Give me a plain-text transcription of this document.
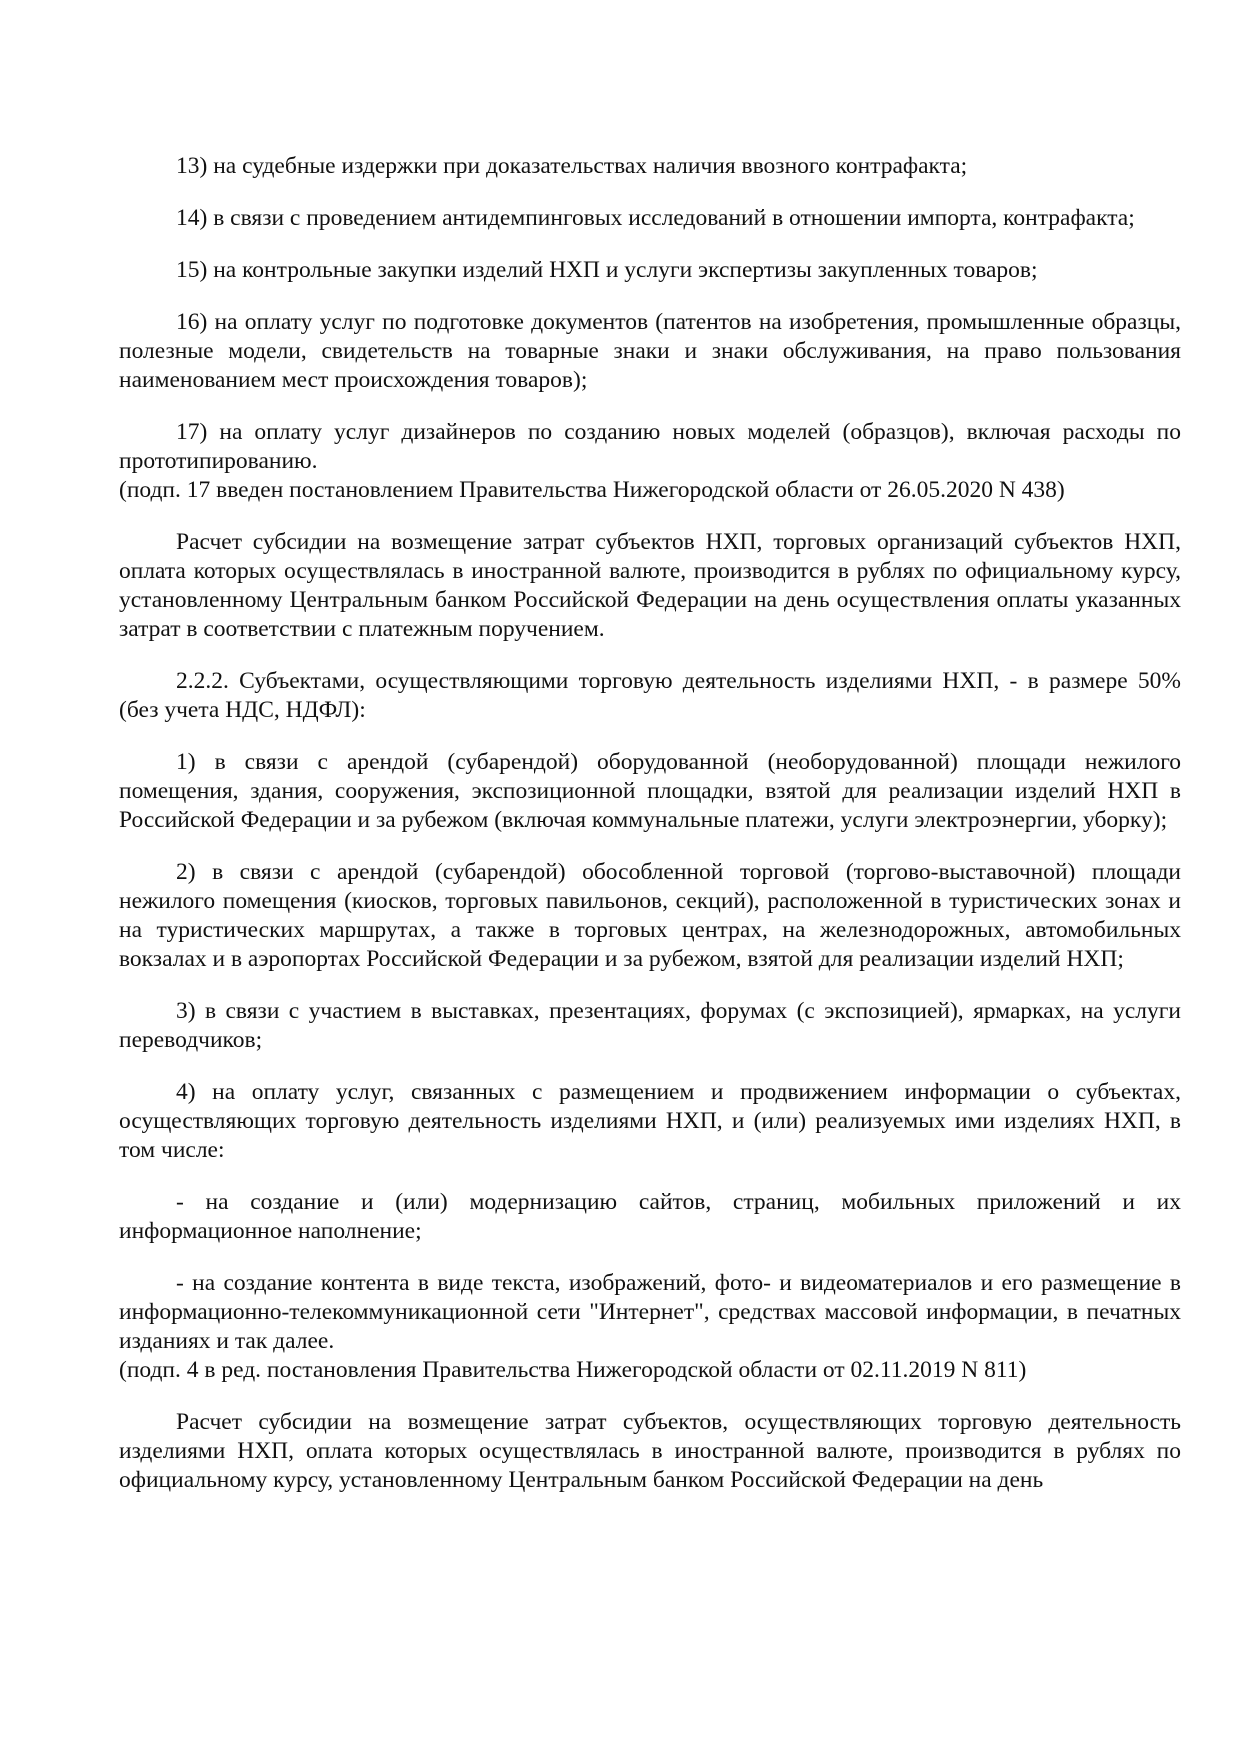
13) на судебные издержки при доказательствах наличия ввозного контрафакта;

14) в связи с проведением антидемпинговых исследований в отношении импорта, контрафакта;

15) на контрольные закупки изделий НХП и услуги экспертизы закупленных товаров;

16) на оплату услуг по подготовке документов (патентов на изобретения, промышленные образцы, полезные модели, свидетельств на товарные знаки и знаки обслуживания, на право пользования наименованием мест происхождения товаров);

17) на оплату услуг дизайнеров по созданию новых моделей (образцов), включая расходы по прототипированию.

(подп. 17 введен постановлением Правительства Нижегородской области от 26.05.2020 N 438)

Расчет субсидии на возмещение затрат субъектов НХП, торговых организаций субъектов НХП, оплата которых осуществлялась в иностранной валюте, производится в рублях по официальному курсу, установленному Центральным банком Российской Федерации на день осуществления оплаты указанных затрат в соответствии с платежным поручением.

2.2.2. Субъектами, осуществляющими торговую деятельность изделиями НХП, - в размере 50% (без учета НДС, НДФЛ):

1) в связи с арендой (субарендой) оборудованной (необорудованной) площади нежилого помещения, здания, сооружения, экспозиционной площадки, взятой для реализации изделий НХП в Российской Федерации и за рубежом (включая коммунальные платежи, услуги электроэнергии, уборку);

2) в связи с арендой (субарендой) обособленной торговой (торгово-выставочной) площади нежилого помещения (киосков, торговых павильонов, секций), расположенной в туристических зонах и на туристических маршрутах, а также в торговых центрах, на железнодорожных, автомобильных вокзалах и в аэропортах Российской Федерации и за рубежом, взятой для реализации изделий НХП;

3) в связи с участием в выставках, презентациях, форумах (с экспозицией), ярмарках, на услуги переводчиков;

4) на оплату услуг, связанных с размещением и продвижением информации о субъектах, осуществляющих торговую деятельность изделиями НХП, и (или) реализуемых ими изделиях НХП, в том числе:

- на создание и (или) модернизацию сайтов, страниц, мобильных приложений и их информационное наполнение;

- на создание контента в виде текста, изображений, фото- и видеоматериалов и его размещение в информационно-телекоммуникационной сети "Интернет", средствах массовой информации, в печатных изданиях и так далее.

(подп. 4 в ред. постановления Правительства Нижегородской области от 02.11.2019 N 811)

Расчет субсидии на возмещение затрат субъектов, осуществляющих торговую деятельность изделиями НХП, оплата которых осуществлялась в иностранной валюте, производится в рублях по официальному курсу, установленному Центральным банком Российской Федерации на день
